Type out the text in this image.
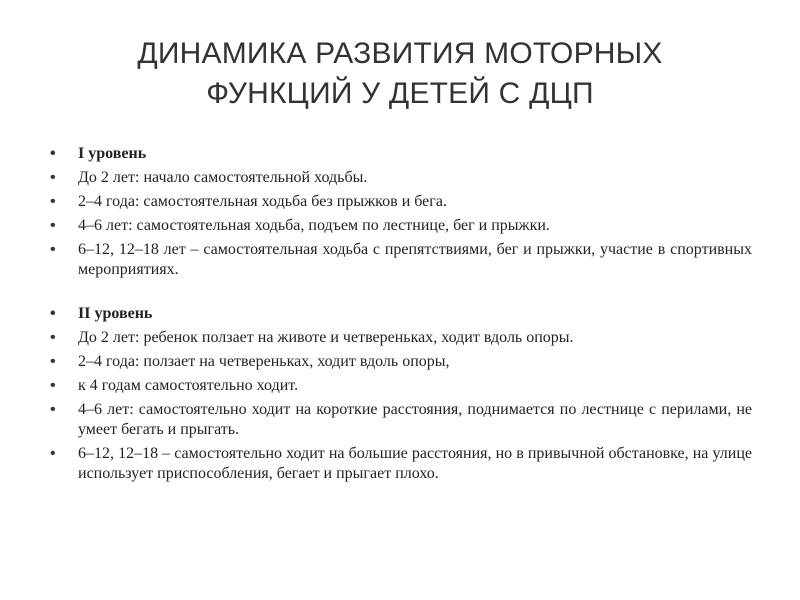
ДИНАМИКА РАЗВИТИЯ МОТОРНЫХ
ФУНКЦИЙ У ДЕТЕЙ С ДЦП
• I уровень
• До 2 лет: начало самостоятельной ходьбы.
• 2–4 года: самостоятельная ходьба без прыжков и бега.
• 4–6 лет: самостоятельная ходьба, подъем по лестнице, бег и прыжки.
• 6–12, 12–18 лет – самостоятельная ходьба с препятствиями, бег и прыжки, участие в спортивных мероприятиях.
• II уровень
• До 2 лет: ребенок ползает на животе и четвереньках, ходит вдоль опоры.
• 2–4 года: ползает на четвереньках, ходит вдоль опоры,
• к 4 годам самостоятельно ходит.
• 4–6 лет: самостоятельно ходит на короткие расстояния, поднимается по лестнице с перилами, не умеет бегать и прыгать.
• 6–12, 12–18 – самостоятельно ходит на большие расстояния, но в привычной обстановке, на улице использует приспособления, бегает и прыгает плохо.
